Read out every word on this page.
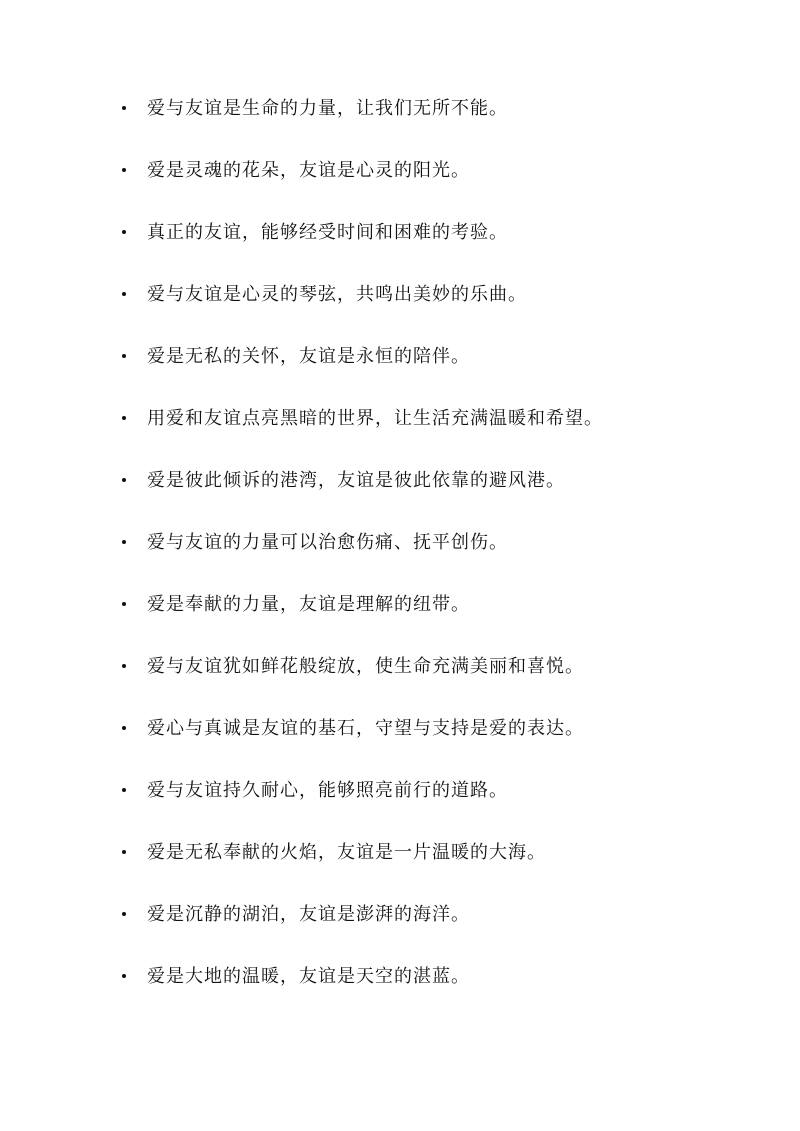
爱与友谊是生命的力量，让我们无所不能。
爱是灵魂的花朵，友谊是心灵的阳光。
真正的友谊，能够经受时间和困难的考验。
爱与友谊是心灵的琴弦，共鸣出美妙的乐曲。
爱是无私的关怀，友谊是永恒的陪伴。
用爱和友谊点亮黑暗的世界，让生活充满温暖和希望。
爱是彼此倾诉的港湾，友谊是彼此依靠的避风港。
爱与友谊的力量可以治愈伤痛、抚平创伤。
爱是奉献的力量，友谊是理解的纽带。
爱与友谊犹如鲜花般绽放，使生命充满美丽和喜悦。
爱心与真诚是友谊的基石，守望与支持是爱的表达。
爱与友谊持久耐心，能够照亮前行的道路。
爱是无私奉献的火焰，友谊是一片温暖的大海。
爱是沉静的湖泊，友谊是澎湃的海洋。
爱是大地的温暖，友谊是天空的湛蓝。
